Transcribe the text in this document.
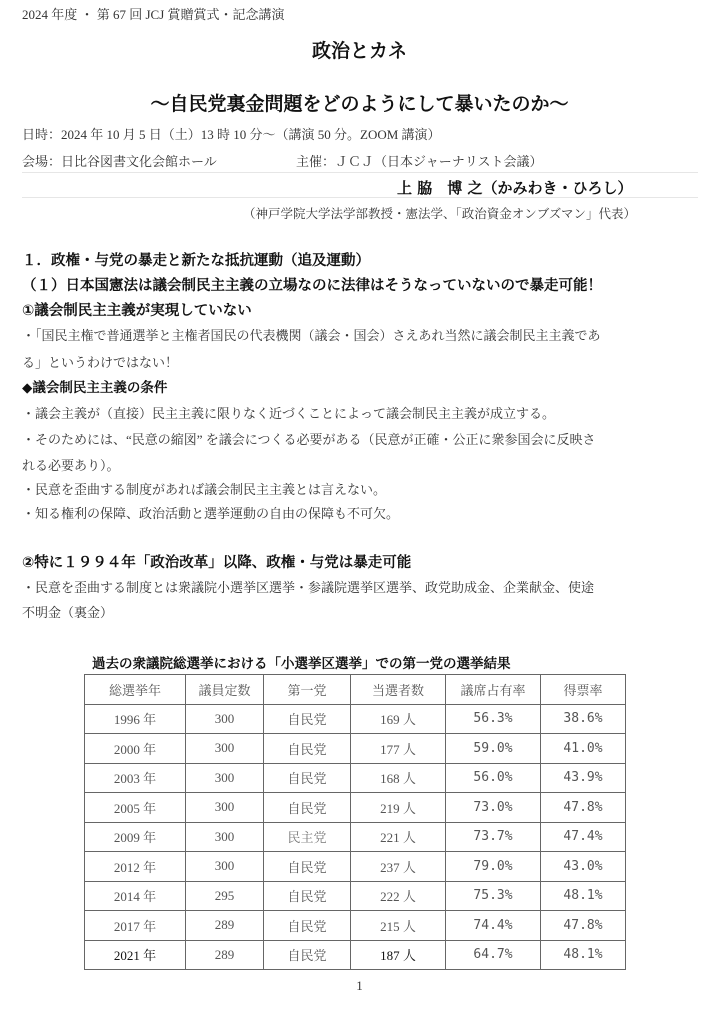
2024 年度 ・ 第 67 回 JCJ 賞贈賞式・記念講演
政治とカネ
～自民党裏金問題をどのようにして暴いたのか～
日時：2024 年 10 月 5 日（土）13 時 10 分～（講演 50 分。ZOOM 講演）
会場：日比谷図書文化会館ホール	主催：ＪＣＪ（日本ジャーナリスト会議）
上 脇　博 之（かみわき・ひろし）
（神戸学院大学法学部教授・憲法学、「政治資金オンブズマン」代表）
１．政権・与党の暴走と新たな抵抗運動（追及運動）
（１）日本国憲法は議会制民主主義の立場なのに法律はそうなっていないので暴走可能！
①議会制民主主義が実現していない
・「国民主権で普通選挙と主権者国民の代表機関（議会・国会）さえあれ当然に議会制民主主義であ
る」というわけではない！
◆議会制民主主義の条件
・議会主義が（直接）民主主義に限りなく近づくことによって議会制民主主義が成立する。
・そのためには、“民意の縮図” を議会につくる必要がある（民意が正確・公正に衆参国会に反映さ
れる必要あり）。
・民意を歪曲する制度があれば議会制民主主義とは言えない。
・知る権利の保障、政治活動と選挙運動の自由の保障も不可欠。
②特に１９９４年「政治改革」以降、政権・与党は暴走可能
・民意を歪曲する制度とは衆議院小選挙区選挙・参議院選挙区選挙、政党助成金、企業献金、使途
不明金（裏金）
過去の衆議院総選挙における「小選挙区選挙」での第一党の選挙結果
総選挙年	議員定数	第一党	当選者数	議席占有率	得票率
1996 年	300	自民党	169 人	56.3%	38.6%
2000 年	300	自民党	177 人	59.0%	41.0%
2003 年	300	自民党	168 人	56.0%	43.9%
2005 年	300	自民党	219 人	73.0%	47.8%
2009 年	300	民主党	221 人	73.7%	47.4%
2012 年	300	自民党	237 人	79.0%	43.0%
2014 年	295	自民党	222 人	75.3%	48.1%
2017 年	289	自民党	215 人	74.4%	47.8%
2021 年	289	自民党	187 人	64.7%	48.1%
1
